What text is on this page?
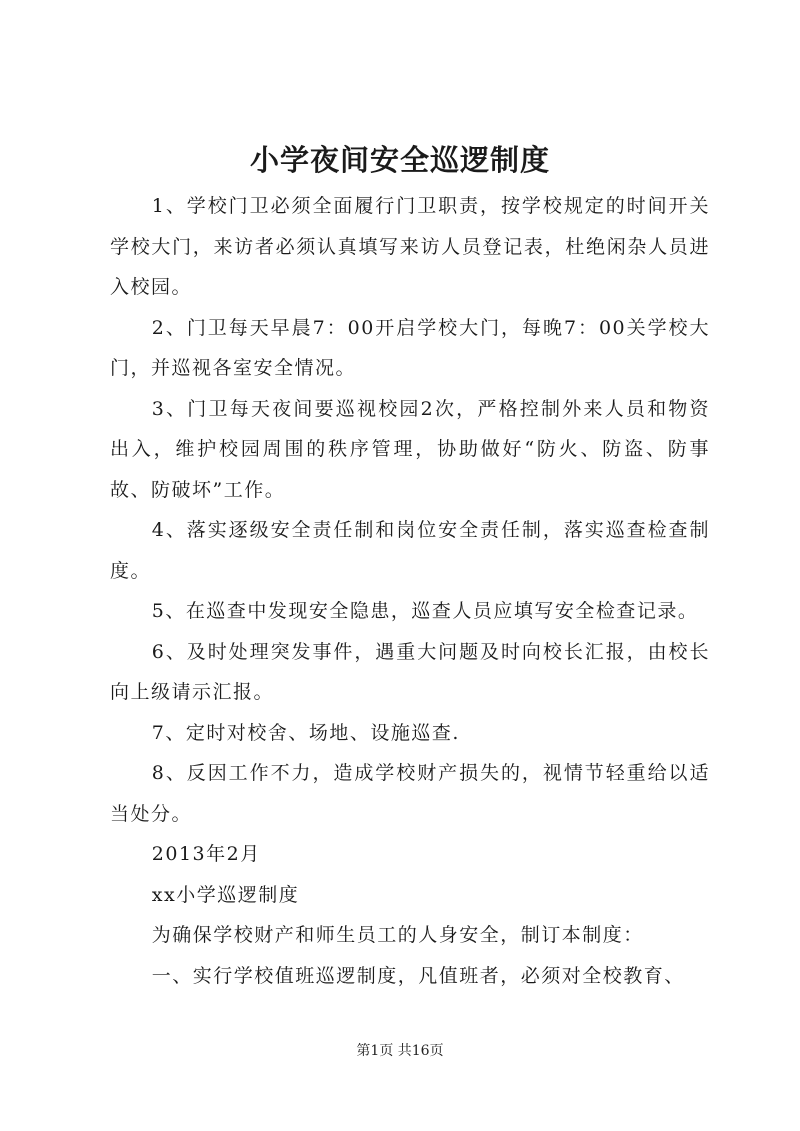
小学夜间安全巡逻制度

1、学校门卫必须全面履行门卫职责，按学校规定的时间开关学校大门，来访者必须认真填写来访人员登记表，杜绝闲杂人员进入校园。

2、门卫每天早晨7：00开启学校大门，每晚7：00关学校大门，并巡视各室安全情况。

3、门卫每天夜间要巡视校园2次，严格控制外来人员和物资出入，维护校园周围的秩序管理，协助做好“防火、防盗、防事故、防破坏”工作。

4、落实逐级安全责任制和岗位安全责任制，落实巡查检查制度。

5、在巡查中发现安全隐患，巡查人员应填写安全检查记录。

6、及时处理突发事件，遇重大问题及时向校长汇报，由校长向上级请示汇报。

7、定时对校舍、场地、设施巡查.

8、反因工作不力，造成学校财产损失的，视情节轻重给以适当处分。

2013年2月

xx小学巡逻制度

为确保学校财产和师生员工的人身安全，制订本制度：

一、实行学校值班巡逻制度，凡值班者，必须对全校教育、

第1页 共16页
